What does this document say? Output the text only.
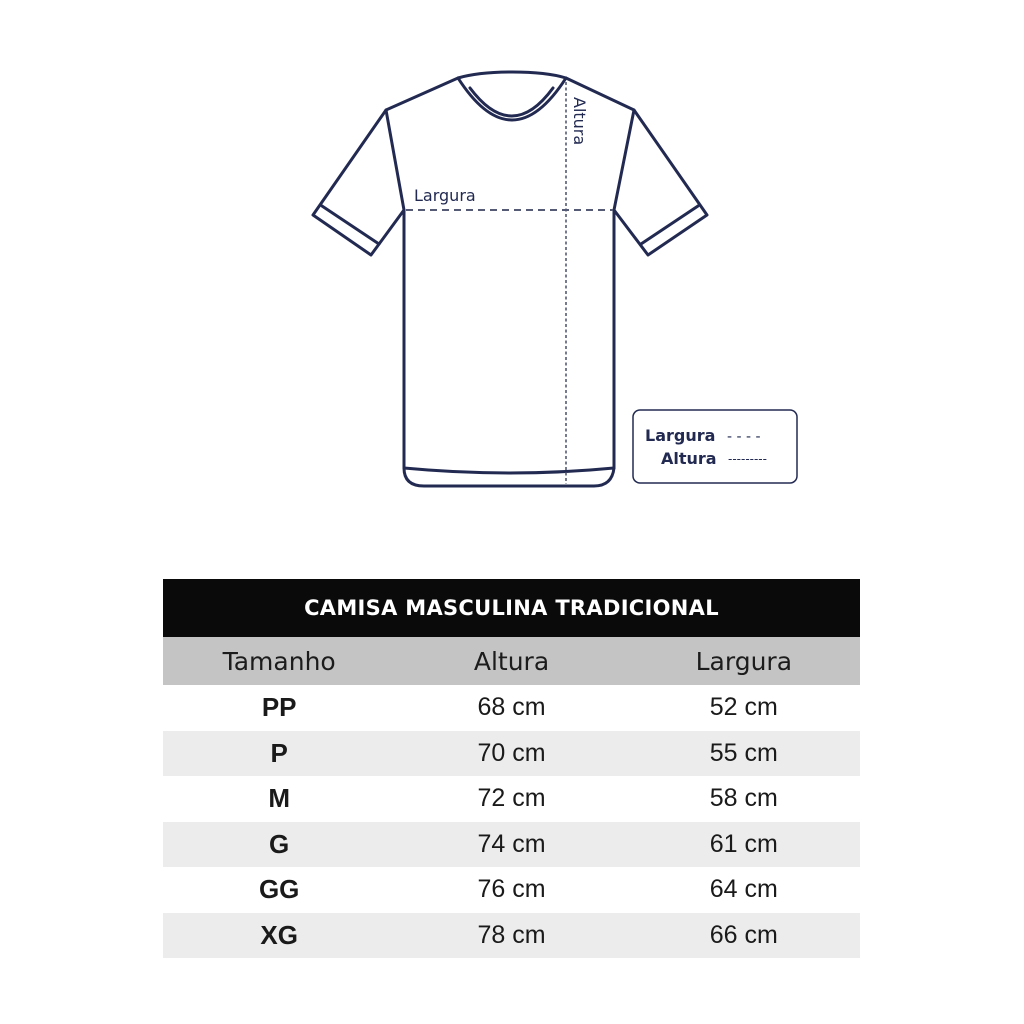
Largura
Altura
Largura - - - -
Altura ---------
CAMISA MASCULINA TRADICIONAL		
Tamanho	Altura	Largura
PP	68 cm	52 cm
P	70 cm	55 cm
M	72 cm	58 cm
G	74 cm	61 cm
GG	76 cm	64 cm
XG	78 cm	66 cm
